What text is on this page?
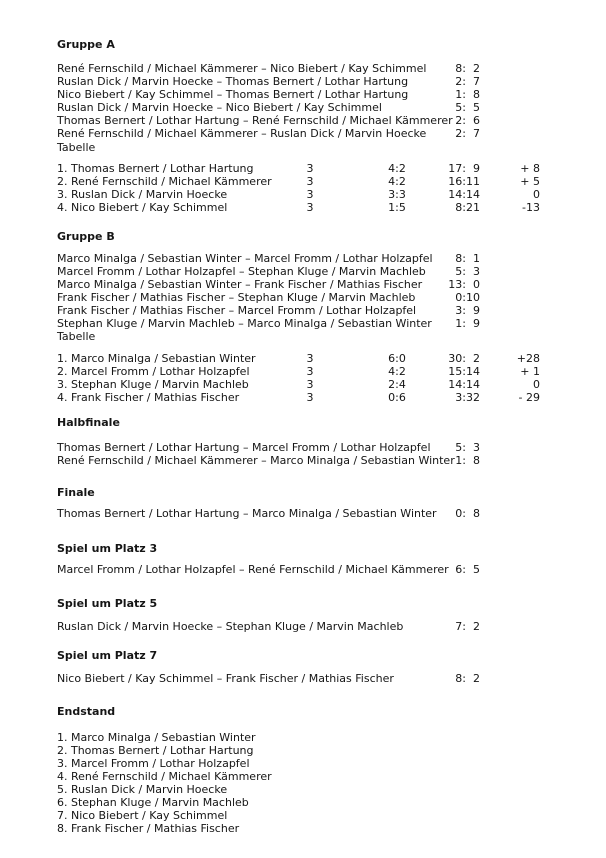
Gruppe A
René Fernschild / Michael Kämmerer – Nico Biebert / Kay Schimmel	8: 2
Ruslan Dick / Marvin Hoecke – Thomas Bernert / Lothar Hartung	2: 7
Nico Biebert / Kay Schimmel – Thomas Bernert / Lothar Hartung	1: 8
Ruslan Dick / Marvin Hoecke – Nico Biebert / Kay Schimmel	5: 5
Thomas Bernert / Lothar Hartung – René Fernschild / Michael Kämmerer 2: 6
René Fernschild / Michael Kämmerer – Ruslan Dick / Marvin Hoecke	2: 7
Tabelle
1. Thomas Bernert / Lothar Hartung	3	4:2	17: 9	+ 8
2. René Fernschild / Michael Kämmerer	3	4:2	16:11	+ 5
3. Ruslan Dick / Marvin Hoecke	3	3:3	14:14	0
4. Nico Biebert / Kay Schimmel	3	1:5	8:21	-13
Gruppe B
Marco Minalga / Sebastian Winter – Marcel Fromm / Lothar Holzapfel	8: 1
Marcel Fromm / Lothar Holzapfel – Stephan Kluge / Marvin Machleb	5: 3
Marco Minalga / Sebastian Winter – Frank Fischer / Mathias Fischer 13: 0
Frank Fischer / Mathias Fischer – Stephan Kluge / Marvin Machleb	0:10
Frank Fischer / Mathias Fischer – Marcel Fromm / Lothar Holzapfel	3: 9
Stephan Kluge / Marvin Machleb – Marco Minalga / Sebastian Winter	1: 9
Tabelle
1. Marco Minalga / Sebastian Winter	3	6:0	30: 2	+28
2. Marcel Fromm / Lothar Holzapfel	3	4:2	15:14	+ 1
3. Stephan Kluge / Marvin Machleb	3	2:4	14:14	0
4. Frank Fischer / Mathias Fischer	3	0:6	3:32	- 29
Halbfinale
Thomas Bernert / Lothar Hartung – Marcel Fromm / Lothar Holzapfel	5: 3
René Fernschild / Michael Kämmerer – Marco Minalga / Sebastian Winter 1: 8
Finale
Thomas Bernert / Lothar Hartung – Marco Minalga / Sebastian Winter	0: 8
Spiel um Platz 3
Marcel Fromm / Lothar Holzapfel – René Fernschild / Michael Kämmerer 6: 5
Spiel um Platz 5
Ruslan Dick / Marvin Hoecke – Stephan Kluge / Marvin Machleb	7: 2
Spiel um Platz 7
Nico Biebert / Kay Schimmel – Frank Fischer / Mathias Fischer	8: 2
Endstand
1. Marco Minalga / Sebastian Winter
2. Thomas Bernert / Lothar Hartung
3. Marcel Fromm / Lothar Holzapfel
4. René Fernschild / Michael Kämmerer
5. Ruslan Dick / Marvin Hoecke
6. Stephan Kluge / Marvin Machleb
7. Nico Biebert / Kay Schimmel
8. Frank Fischer / Mathias Fischer
